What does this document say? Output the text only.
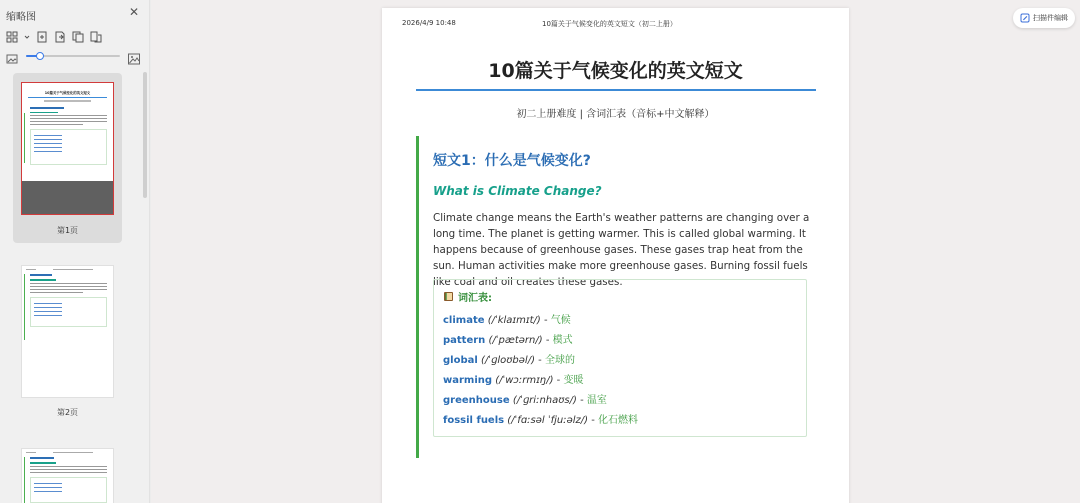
缩略图	✕
10篇关于气候变化的英文短文
第1页
第2页
2026/4/9 10:48	10篇关于气候变化的英文短文（初二上册）
10篇关于气候变化的英文短文
初二上册难度 | 含词汇表（音标+中文解释）
短文1：什么是气候变化?
What is Climate Change?
Climate change means the Earth's weather patterns are changing over a long time. The planet is getting warmer. This is called global warming. It happens because of greenhouse gases. These gases trap heat from the sun. Human activities make more greenhouse gases. Burning fossil fuels like coal and oil creates these gases.
词汇表:
climate (/ˈklaɪmɪt/) - 气候
pattern (/ˈpætərn/) - 模式
global (/ˈɡloʊbəl/) - 全球的
warming (/ˈwɔːrmɪŋ/) - 变暖
greenhouse (/ˈɡriːnhaʊs/) - 温室
fossil fuels (/ˈfɑːsəl ˈfjuːəlz/) - 化石燃料
扫描件编辑
